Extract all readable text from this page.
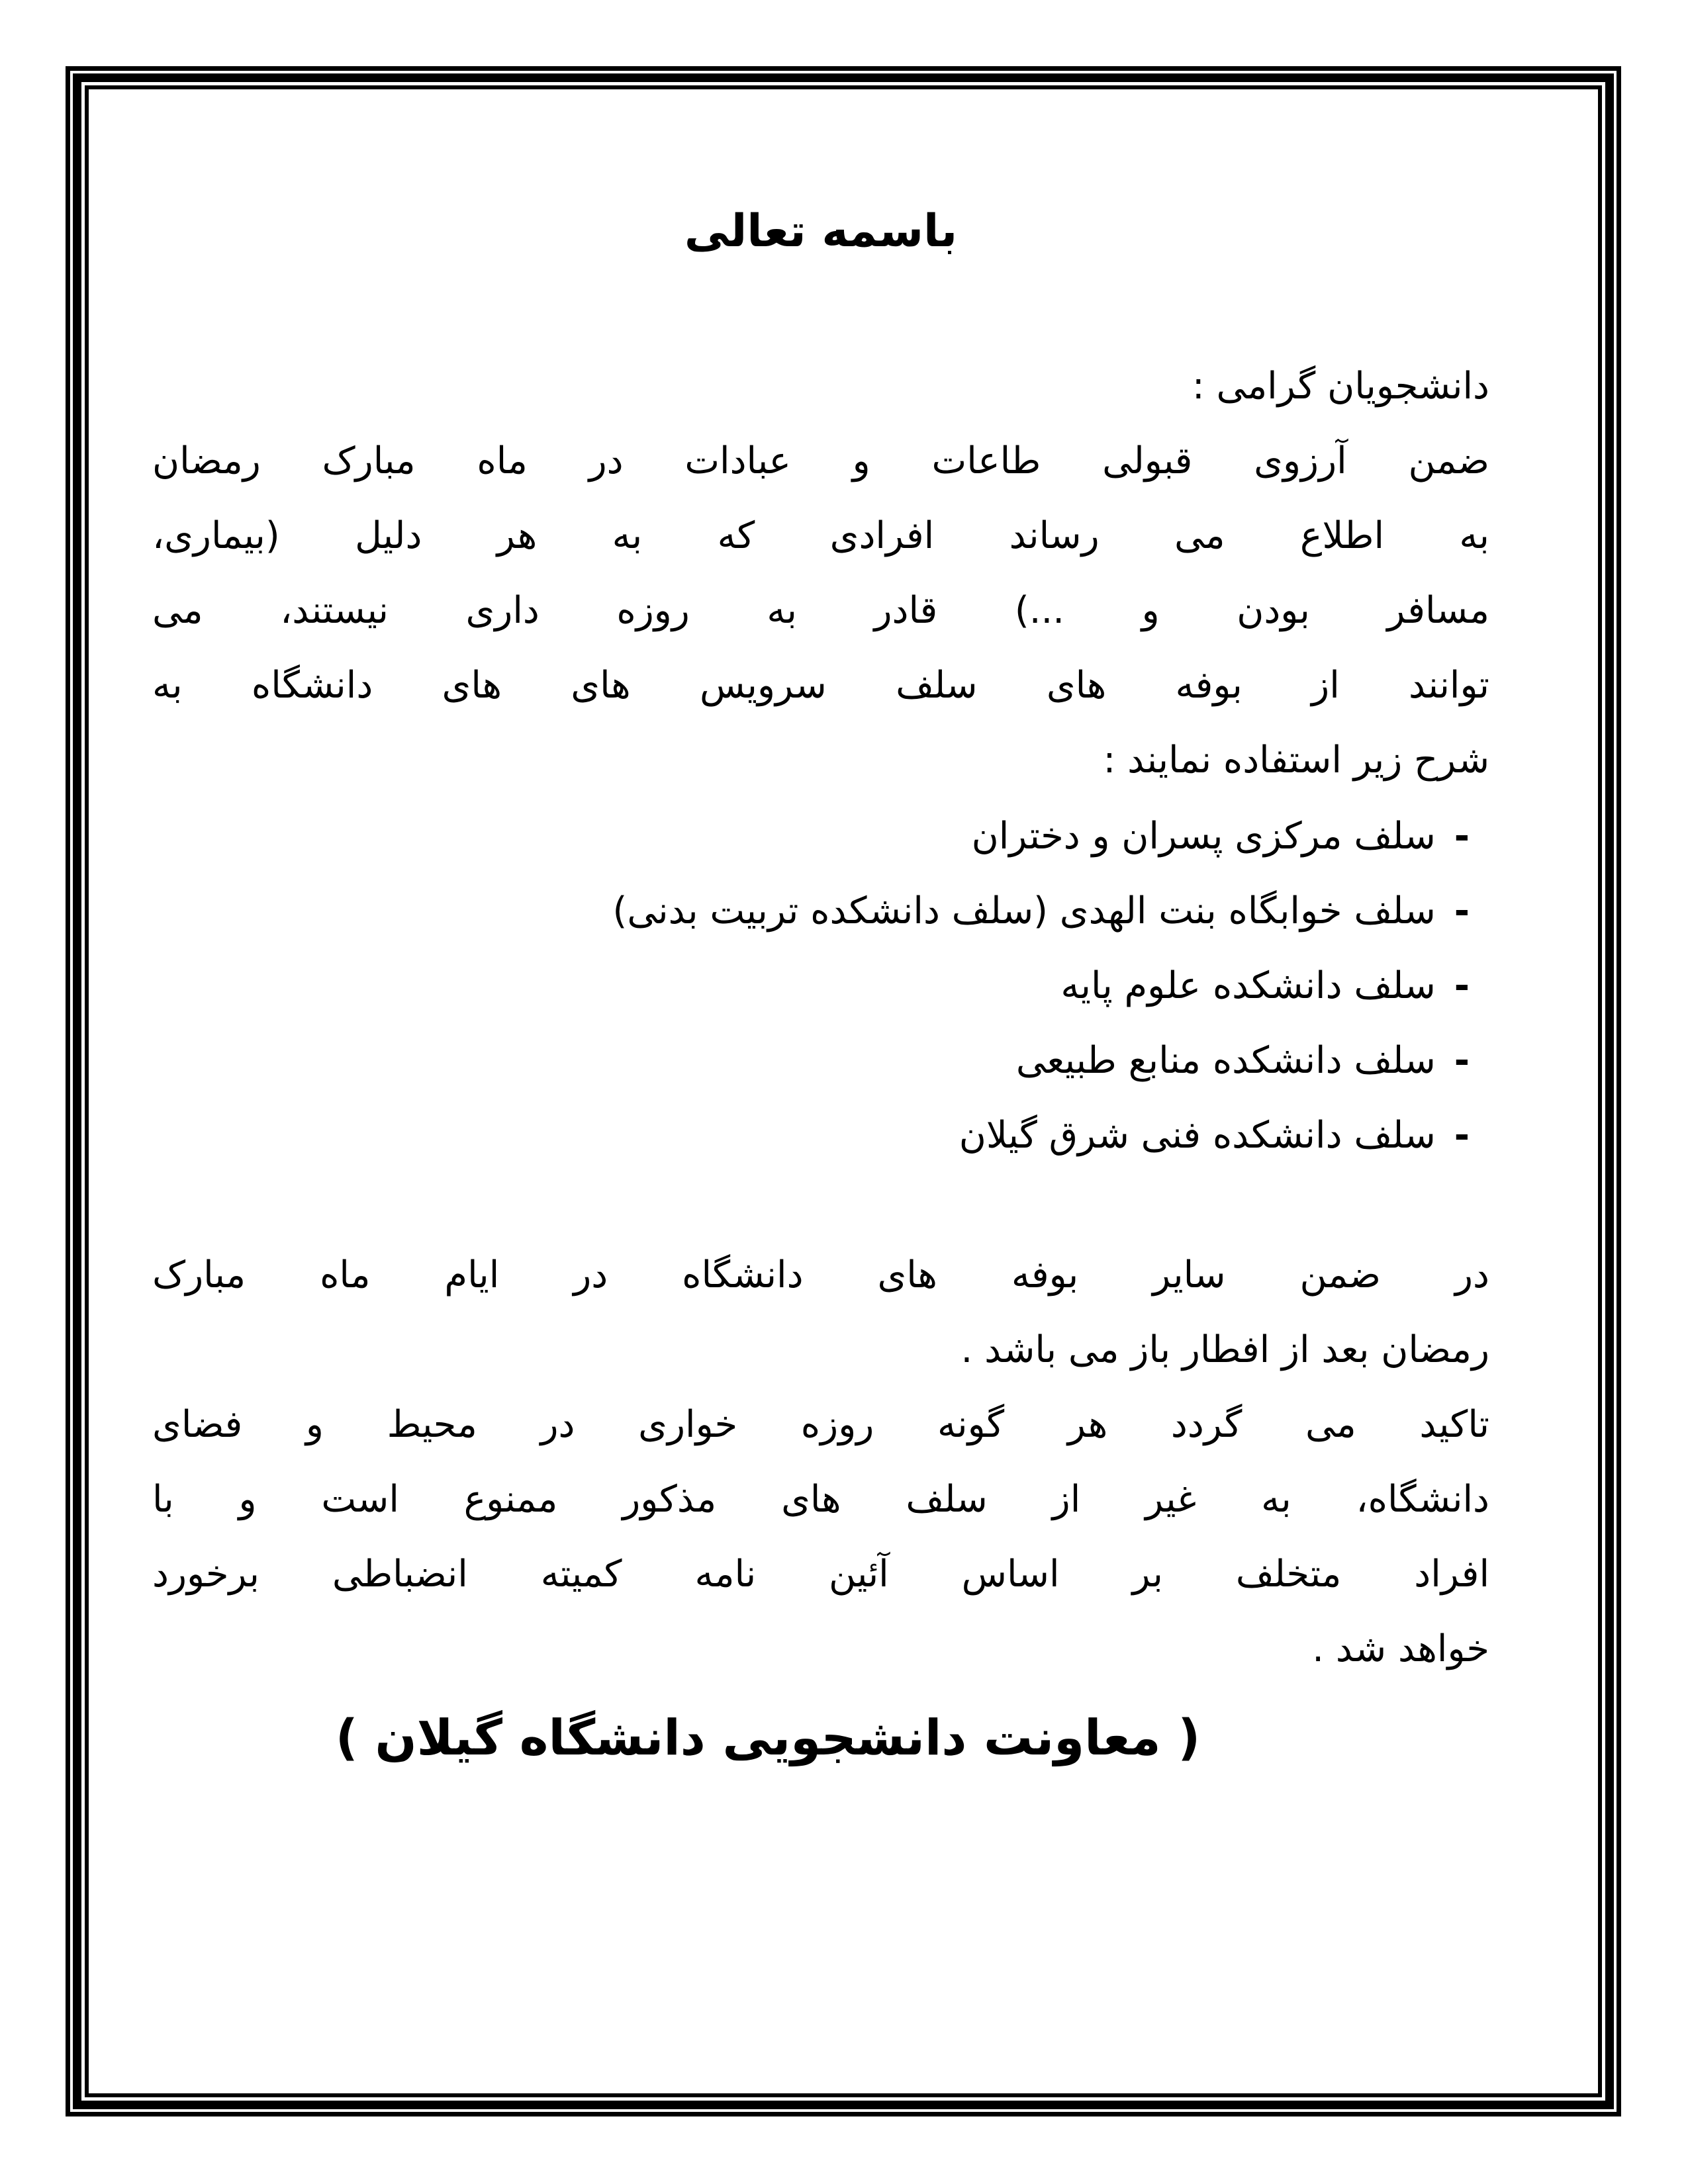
باسمه تعالی

دانشجویان گرامی :

ضمن آرزوی قبولی طاعات و عبادات در ماه مبارک رمضان
به اطلاع می رساند افرادی که به هر دلیل (بیماری،
مسافر بودن و ...) قادر به روزه داری نیستند، می
توانند از بوفه های سلف سرویس های های دانشگاه به
شرح زیر استفاده نمایند :
-سلف مرکزی پسران و دختران
-سلف خوابگاه بنت الهدی (سلف دانشکده تربیت بدنی)
-سلف دانشکده علوم پایه
-سلف دانشکده منابع طبیعی
-سلف دانشکده فنی شرق گیلان
در ضمن سایر بوفه های دانشگاه در ایام ماه مبارک
رمضان بعد از افطار باز می باشد .
تاکید می گردد هر گونه روزه خواری در محیط و فضای
دانشگاه، به غیر از سلف های مذکور ممنوع است و با
افراد متخلف بر اساس آئین نامه کمیته انضباطی برخورد
خواهد شد .

( معاونت دانشجویی دانشگاه گیلان )
